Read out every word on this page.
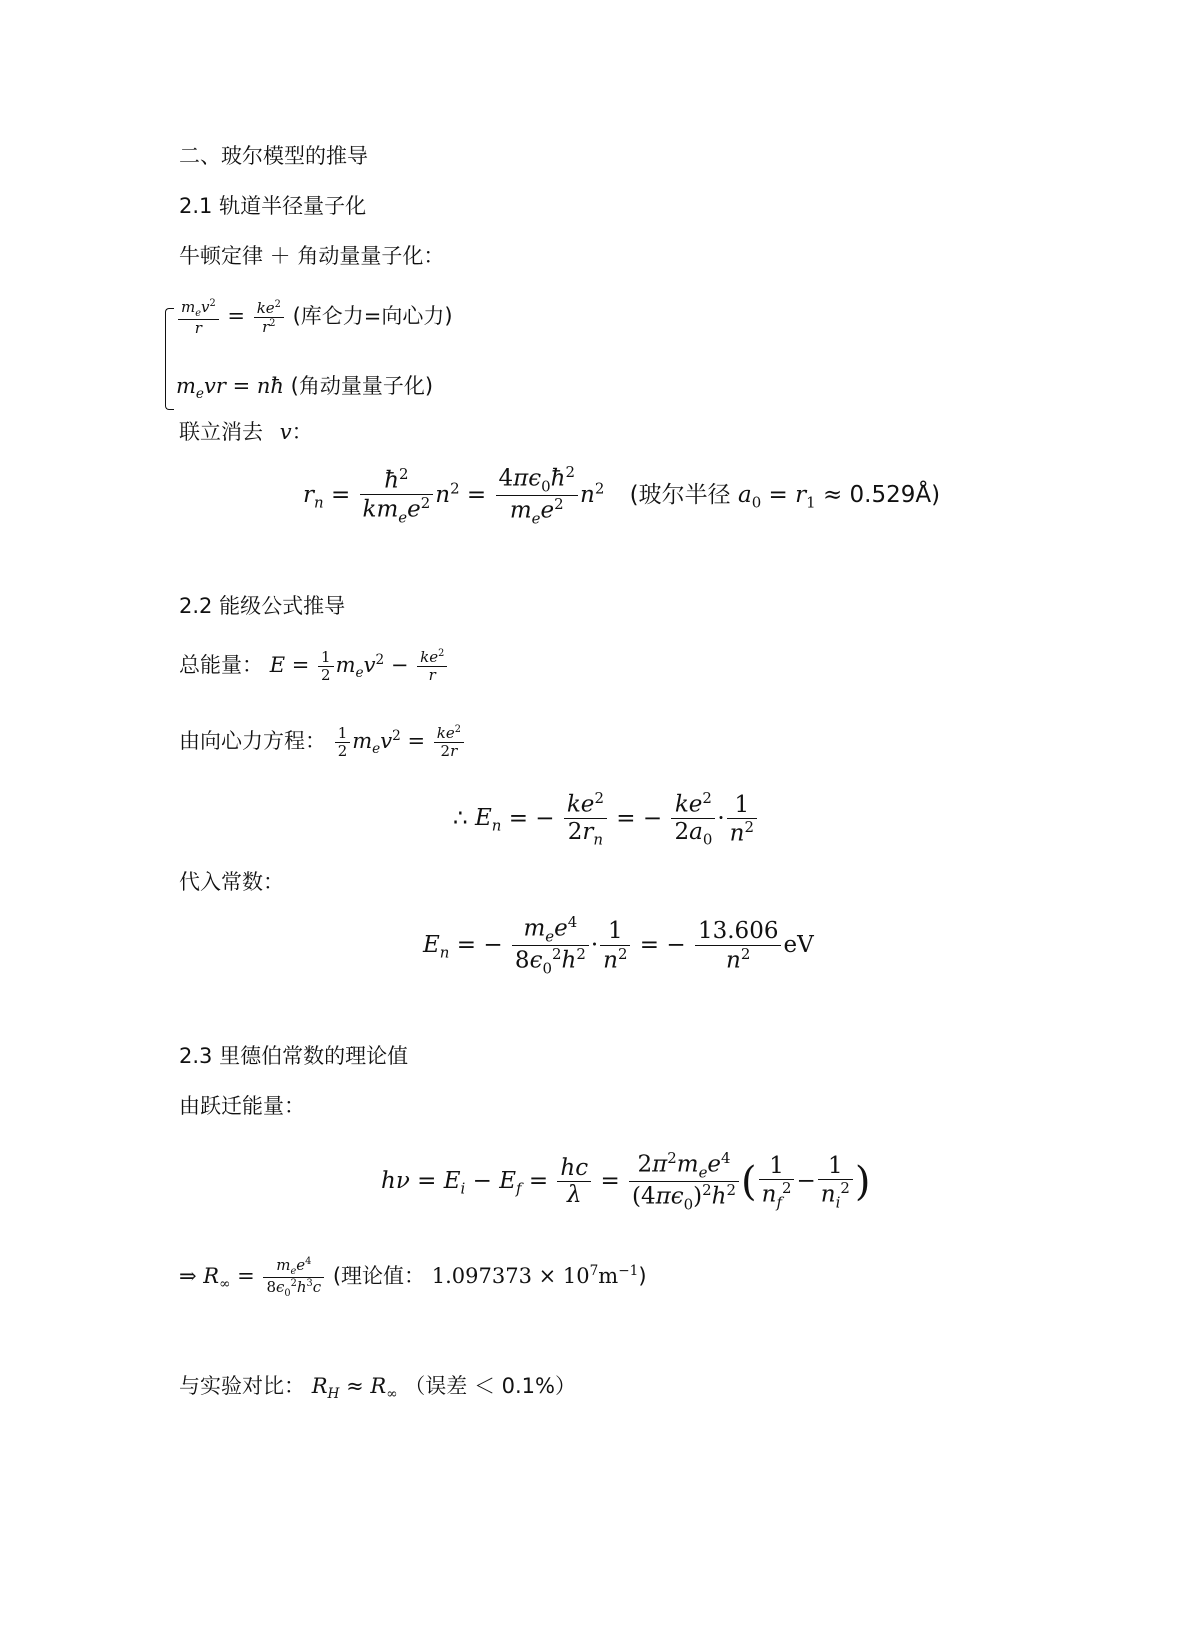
二、玻尔模型的推导
2.1 轨道半径量子化
牛顿定律 ＋ 角动量量子化：
$\frac{m_ev^2}{r} = \frac{ke^2}{r^2}$ (库仑力=向心力)
$m_evr$ = nħ (角动量量子化)
联立消去 v：
$r_n = \frac{ħ^2}{km_ee^2} n^2 = \frac{4\pi\epsilon_0ħ^2}{m_ee^2} n^2$ (玻尔半径 $a_0 = r_1$ ≈ 0.529Å)
2.2 能级公式推导
总能量： $E = \frac{1}{2} m_ev^2 - \frac{ke^2}{r}$
由向心力方程： $\frac{1}{2} m_ev^2 = \frac{ke^2}{2r}$
∴ $E_n$ = − $\frac{ke^2}{2r_n}$ = − $\frac{ke^2}{2a_0} \cdot \frac{1}{n^2}$
代入常数：
$E_n$ = − $\frac{m_ee^4}{8\epsilon_0^2h^2} \cdot \frac{1}{n^2}$ = − $\frac{13.606}{n^2}$ eV
2.3 里德伯常数的理论值
由跃迁能量：
$h\nu = E_i - E_f = \frac{hc}{\lambda} = \frac{2\pi^2m_ee^4}{(4\pi\epsilon_0)^2h^2}$ ( $\frac{1}{n_f^2} - \frac{1}{n_i^2}$ )
⇒ $R_\infty = \frac{m_ee^4}{8\epsilon_0^2h^3c}$ (理论值： $1.097373 \times 10^7m^{-1}$)
与实验对比： $R_H \approx R_\infty$ （误差 ＜ 0.1%）
